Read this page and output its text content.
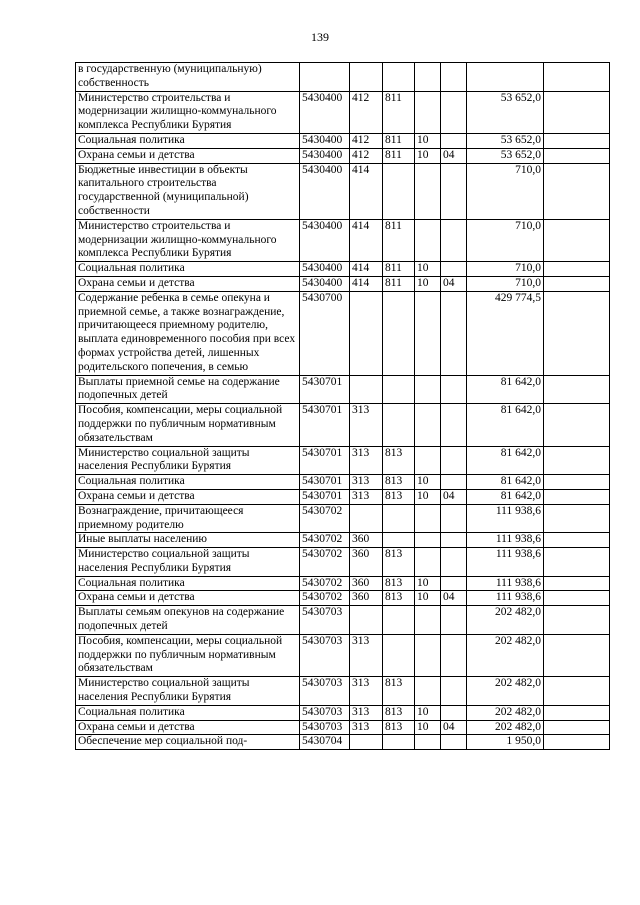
139
в государственную (муниципальную) собственность							
Министерство строительства и модернизации жилищно-коммунального комплекса Республики Бурятия	5430400	412	811			53 652,0	
Социальная политика	5430400	412	811	10		53 652,0	
Охрана семьи и детства	5430400	412	811	10	04	53 652,0	
Бюджетные инвестиции в объекты капитального строительства государственной (муниципальной) собственности	5430400	414				710,0	
Министерство строительства и модернизации жилищно-коммунального комплекса Республики Бурятия	5430400	414	811			710,0	
Социальная политика	5430400	414	811	10		710,0	
Охрана семьи и детства	5430400	414	811	10	04	710,0	
Содержание ребенка в семье опекуна и приемной семье, а также вознаграждение, причитающееся приемному родителю, выплата единовременного пособия при всех формах устройства детей, лишенных родительского попечения, в семью	5430700					429 774,5	
Выплаты приемной семье на содержание подопечных детей	5430701					81 642,0	
Пособия, компенсации, меры социальной поддержки по публичным нормативным обязательствам	5430701	313				81 642,0	
Министерство социальной защиты населения Республики Бурятия	5430701	313	813			81 642,0	
Социальная политика	5430701	313	813	10		81 642,0	
Охрана семьи и детства	5430701	313	813	10	04	81 642,0	
Вознаграждение, причитающееся приемному родителю	5430702					111 938,6	
Иные выплаты населению	5430702	360				111 938,6	
Министерство социальной защиты населения Республики Бурятия	5430702	360	813			111 938,6	
Социальная политика	5430702	360	813	10		111 938,6	
Охрана семьи и детства	5430702	360	813	10	04	111 938,6	
Выплаты семьям опекунов на содержание подопечных детей	5430703					202 482,0	
Пособия, компенсации, меры социальной поддержки по публичным нормативным обязательствам	5430703	313				202 482,0	
Министерство социальной защиты населения Республики Бурятия	5430703	313	813			202 482,0	
Социальная политика	5430703	313	813	10		202 482,0	
Охрана семьи и детства	5430703	313	813	10	04	202 482,0	
Обеспечение мер социальной под-	5430704					1 950,0	
